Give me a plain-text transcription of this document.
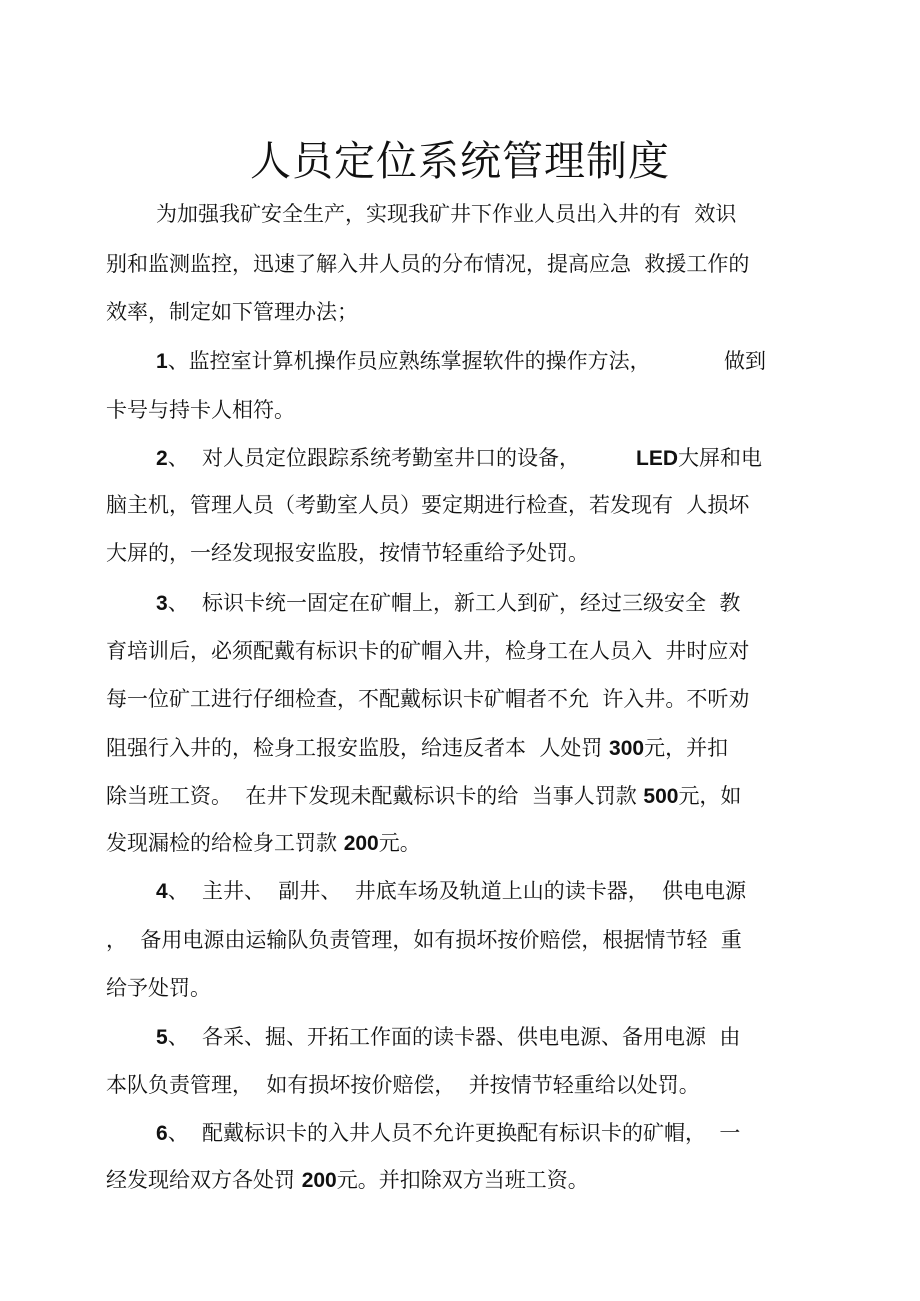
人员定位系统管理制度

为加强我矿安全生产，实现我矿井下作业人员出入井的有  效识

别和监测监控，迅速了解入井人员的分布情况，提高应急  救援工作的

效率，制定如下管理办法；

1、监控室计算机操作员应熟练掌握软件的操作方法，	做到

卡号与持卡人相符。

2、  对人员定位跟踪系统考勤室井口的设备，	LED大屏和电

脑主机，管理人员（考勤室人员）要定期进行检查，若发现有  人损坏

大屏的，一经发现报安监股，按情节轻重给予处罚。

3、  标识卡统一固定在矿帽上，新工人到矿，经过三级安全  教

育培训后，必须配戴有标识卡的矿帽入井，检身工在人员入  井时应对

每一位矿工进行仔细检查，不配戴标识卡矿帽者不允  许入井。不听劝

阻强行入井的，检身工报安监股，给违反者本  人处罚 300元，并扣

除当班工资。  在井下发现未配戴标识卡的给  当事人罚款 500元，如

发现漏检的给检身工罚款 200元。

4、  主井、  副井、  井底车场及轨道上山的读卡器，  供电电源

，  备用电源由运输队负责管理，如有损坏按价赔偿，根据情节轻  重

给予处罚。

5、  各采、掘、开拓工作面的读卡器、供电电源、备用电源  由

本队负责管理，  如有损坏按价赔偿，  并按情节轻重给以处罚。

6、  配戴标识卡的入井人员不允许更换配有标识卡的矿帽，  一

经发现给双方各处罚 200元。并扣除双方当班工资。
